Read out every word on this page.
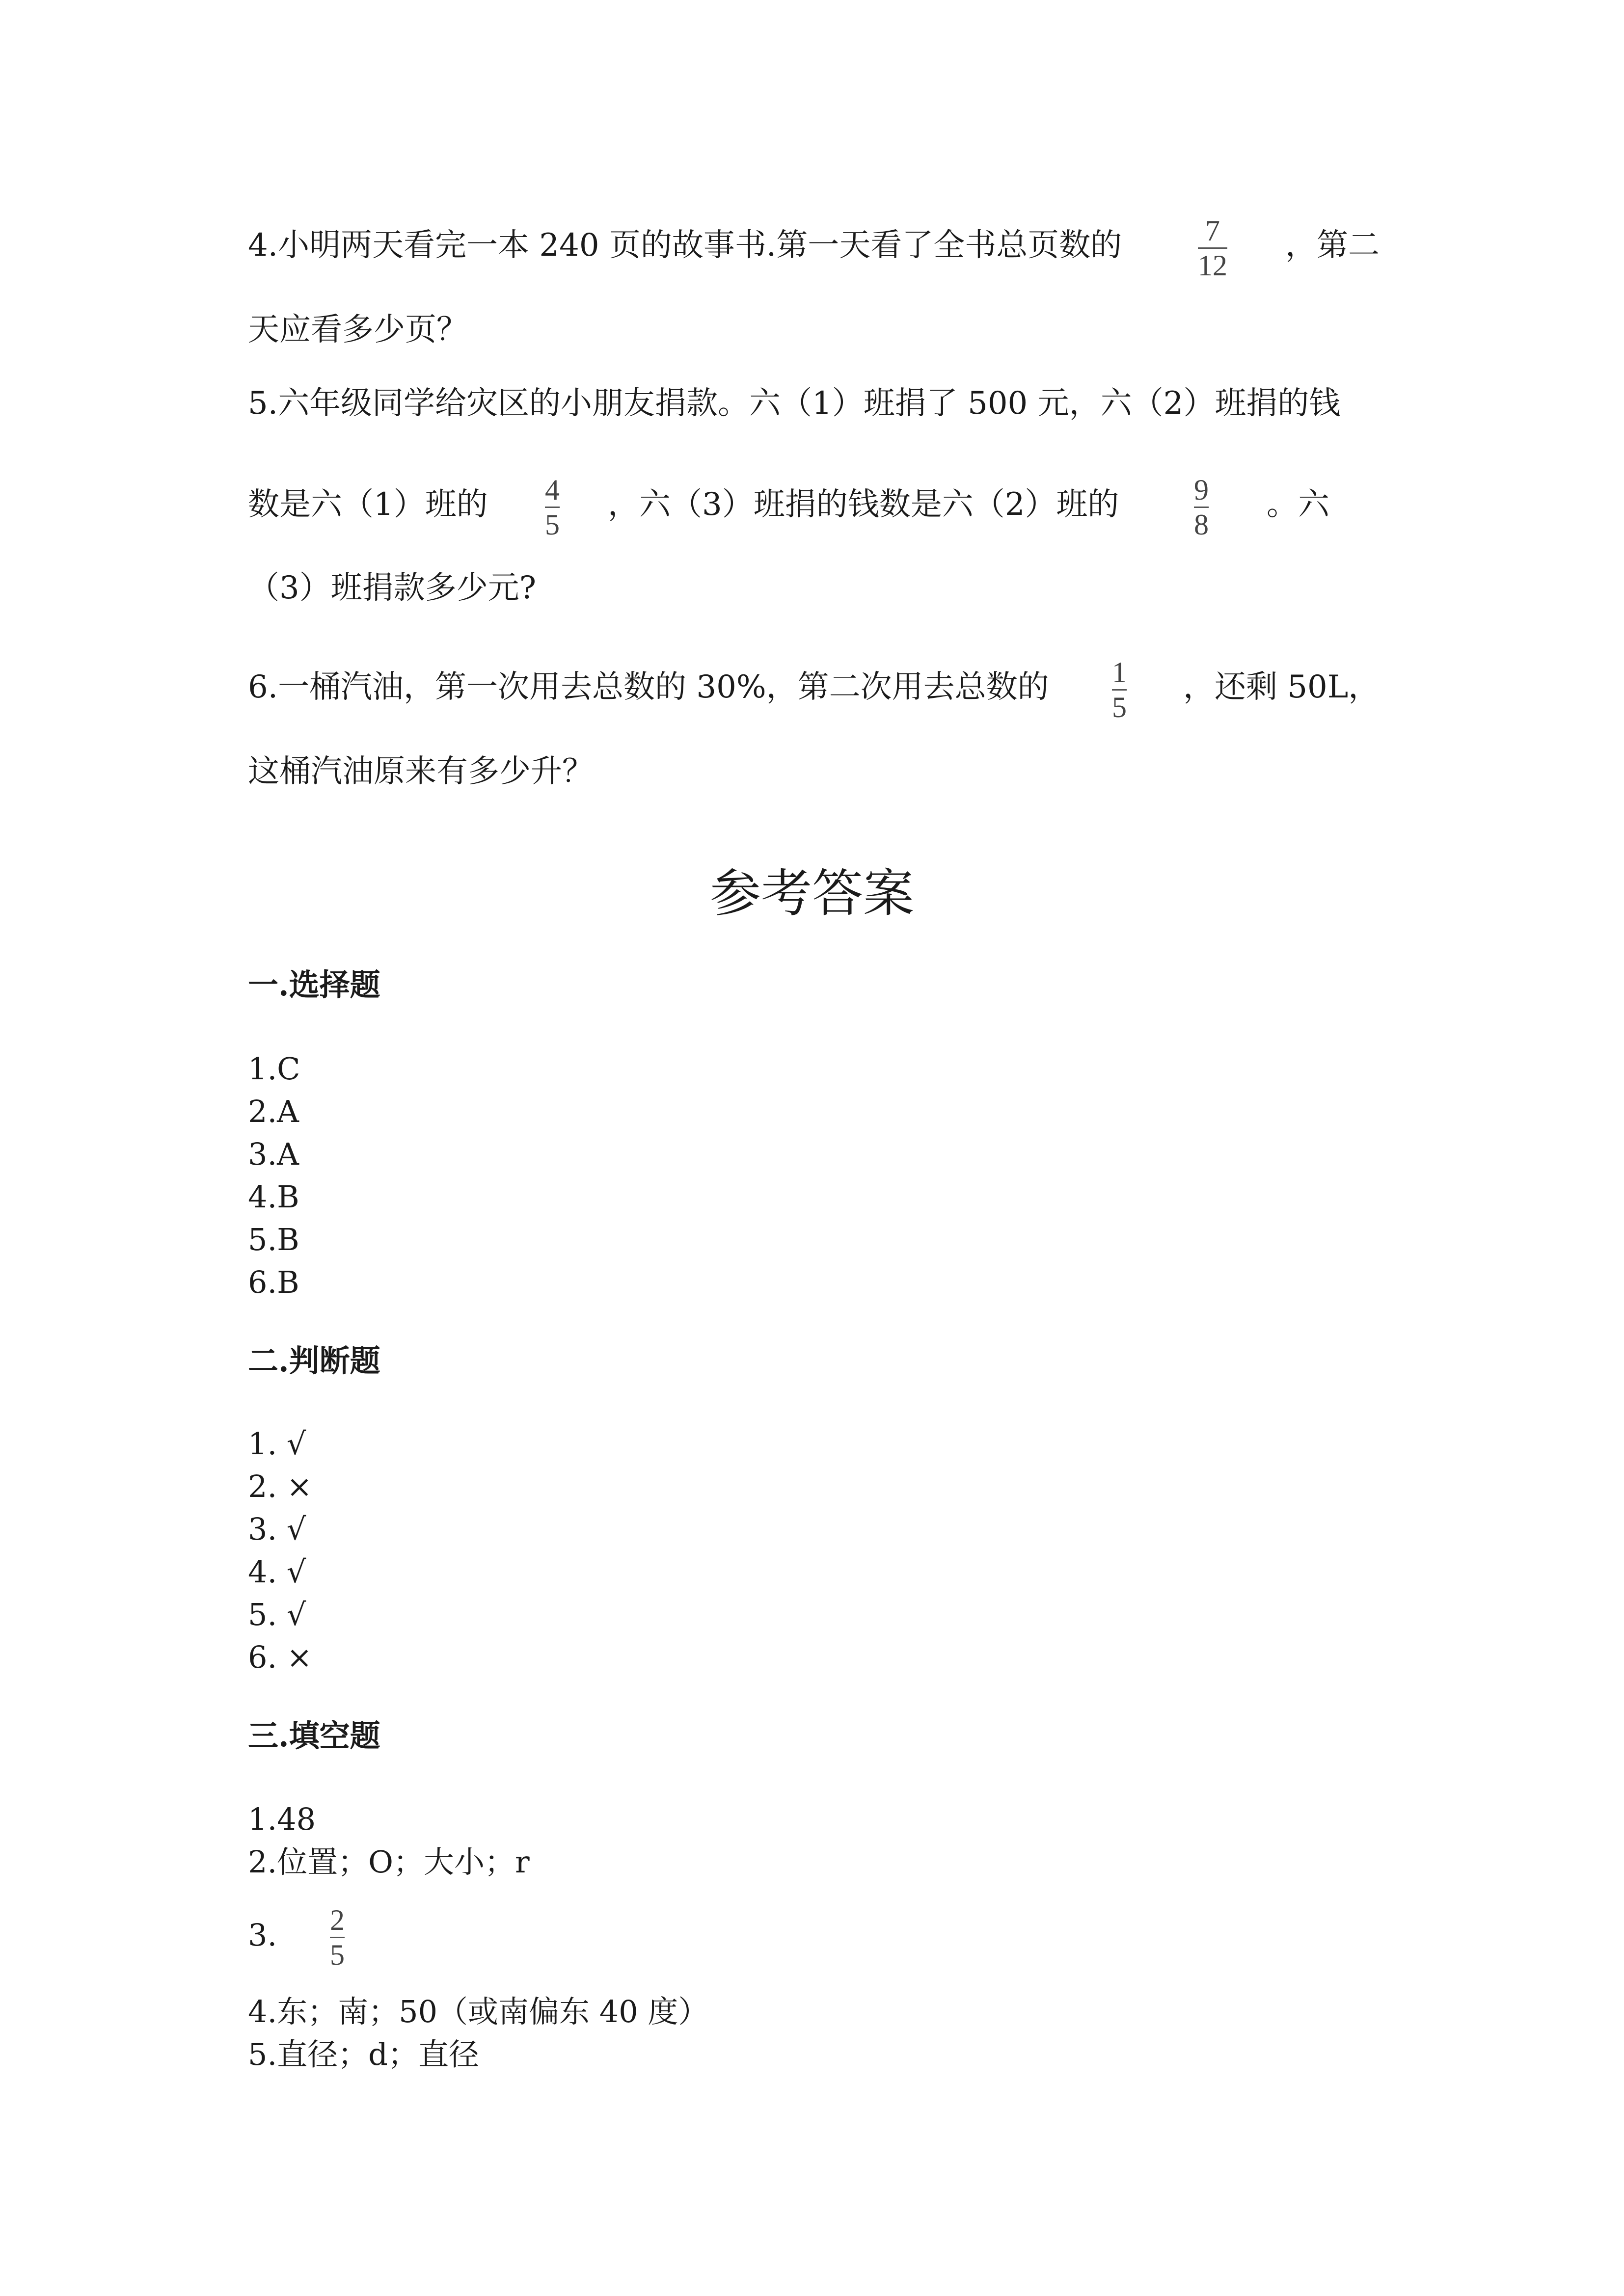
4.小明两天看完一本 240 页的故事书.第一天看了全书总页数的	7
12
，第二
天应看多少页？
5.六年级同学给灾区的小朋友捐款。六（1）班捐了 500 元，六（2）班捐的钱
数是六（1）班的 4
5
，六（3）班捐的钱数是六（2）班的	9
8
。六
（3）班捐款多少元?
6.一桶汽油，第一次用去总数的 30%，第二次用去总数的 1
5
，还剩 50L，
这桶汽油原来有多少升？
参考答案
一.选择题
1.C
2.A
3.A
4.B
5.B
6.B
二.判断题
1. √
2. ×
3. √
4. √
5. √
6. ×
三.填空题
1.48
2.位置；O；大小；r
3. 2
5
4.东；南；50（或南偏东 40 度）
5.直径；d；直径
